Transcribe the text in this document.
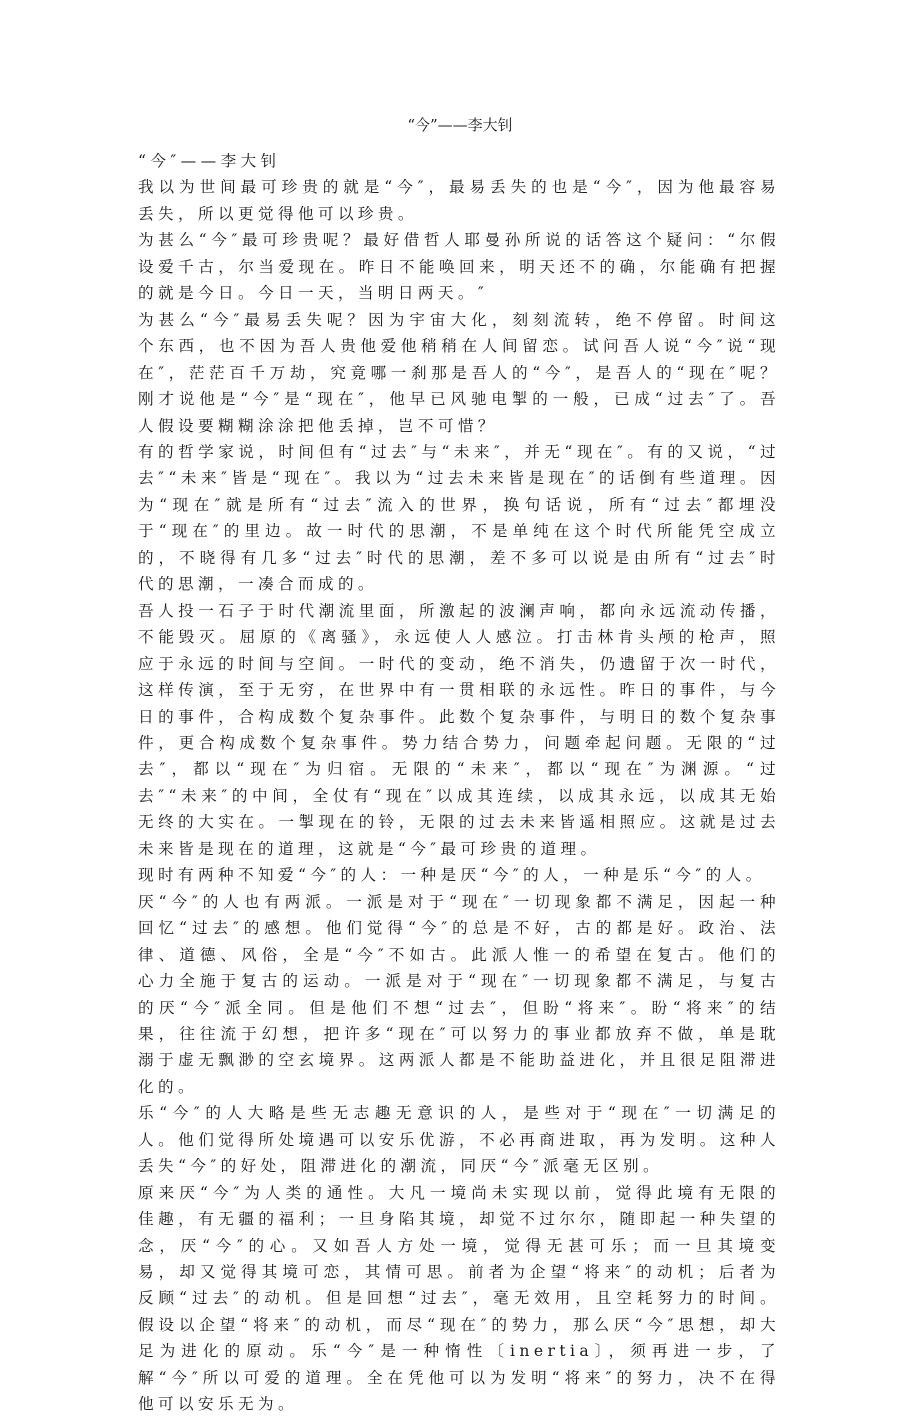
“今”——李大钊

“今″——李大钊

我以为世间最可珍贵的就是“今″，最易丢失的也是“今″，因为他最容易丢失，所以更觉得他可以珍贵。

为甚么“今″最可珍贵呢？最好借哲人耶曼孙所说的话答这个疑问：“尔假设爱千古，尔当爱现在。昨日不能唤回来，明天还不的确，尔能确有把握的就是今日。今日一天，当明日两天。″

为甚么“今″最易丢失呢？因为宇宙大化，刻刻流转，绝不停留。时间这个东西，也不因为吾人贵他爱他稍稍在人间留恋。试问吾人说“今″说“现在″，茫茫百千万劫，究竟哪一刹那是吾人的“今″，是吾人的“现在″呢？刚才说他是“今″是“现在″，他早已风驰电掣的一般，已成“过去″了。吾人假设要糊糊涂涂把他丢掉，岂不可惜？

有的哲学家说，时间但有“过去″与“未来″，并无“现在″。有的又说，“过去″“未来″皆是“现在″。我以为“过去未来皆是现在″的话倒有些道理。因为“现在″就是所有“过去″流入的世界，换句话说，所有“过去″都埋没于“现在″的里边。故一时代的思潮，不是单纯在这个时代所能凭空成立的，不晓得有几多“过去″时代的思潮，差不多可以说是由所有“过去″时代的思潮，一凑合而成的。

吾人投一石子于时代潮流里面，所激起的波澜声响，都向永远流动传播，不能毁灭。屈原的《离骚》，永远使人人感泣。打击林肯头颅的枪声，照应于永远的时间与空间。一时代的变动，绝不消失，仍遗留于次一时代，这样传演，至于无穷，在世界中有一贯相联的永远性。昨日的事件，与今日的事件，合构成数个复杂事件。此数个复杂事件，与明日的数个复杂事件，更合构成数个复杂事件。势力结合势力，问题牵起问题。无限的“过去″，都以“现在″为归宿。无限的“未来″，都以“现在″为渊源。“过去″“未来″的中间，全仗有“现在″以成其连续，以成其永远，以成其无始无终的大实在。一掣现在的铃，无限的过去未来皆遥相照应。这就是过去未来皆是现在的道理，这就是“今″最可珍贵的道理。

现时有两种不知爱“今″的人：一种是厌“今″的人，一种是乐“今″的人。

厌“今″的人也有两派。一派是对于“现在″一切现象都不满足，因起一种回忆“过去″的感想。他们觉得“今″的总是不好，古的都是好。政治、法律、道德、风俗，全是“今″不如古。此派人惟一的希望在复古。他们的心力全施于复古的运动。一派是对于“现在″一切现象都不满足，与复古的厌“今″派全同。但是他们不想“过去″，但盼“将来″。盼“将来″的结果，往往流于幻想，把许多“现在″可以努力的事业都放弃不做，单是耽溺于虚无飘渺的空玄境界。这两派人都是不能助益进化，并且很足阻滞进化的。

乐“今″的人大略是些无志趣无意识的人，是些对于“现在″一切满足的人。他们觉得所处境遇可以安乐优游，不必再商进取，再为发明。这种人丢失“今″的好处，阻滞进化的潮流，同厌“今″派毫无区别。

原来厌“今″为人类的通性。大凡一境尚未实现以前，觉得此境有无限的佳趣，有无疆的福利；一旦身陷其境，却觉不过尔尔，随即起一种失望的念，厌“今″的心。又如吾人方处一境，觉得无甚可乐；而一旦其境变易，却又觉得其境可恋，其情可思。前者为企望“将来″的动机；后者为反顾“过去″的动机。但是回想“过去″，毫无效用，且空耗努力的时间。假设以企望“将来″的动机，而尽“现在″的势力，那么厌“今″思想，却大足为进化的原动。乐“今″是一种惰性〔inertia〕，须再进一步，了解“今″所以可爱的道理。全在凭他可以为发明“将来″的努力，决不在得他可以安乐无为。
